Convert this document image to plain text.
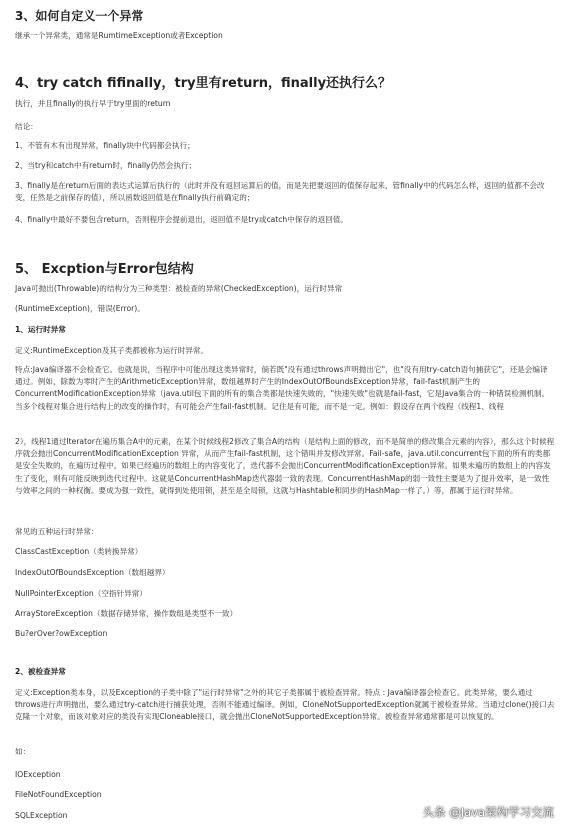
3、如何自定义一个异常
继承一个异常类，通常是RumtimeException或者Exception
4、try catch fifinally，try里有return，finally还执行么？
执行，并且finally的执行早于try里面的return
结论：
1、不管有木有出现异常，finally块中代码都会执行；
2、当try和catch中有return时，finally仍然会执行；
3、finally是在return后面的表达式运算后执行的（此时并没有返回运算后的值，而是先把要返回的值保存起来，管finally中的代码怎么样，返回的值都不会改变，任然是之前保存的值），所以函数返回值是在finally执行前确定的；
4、finally中最好不要包含return，否则程序会提前退出，返回值不是try或catch中保存的返回值。
5、 Excption与Error包结构
Java可抛出(Throwable)的结构分为三种类型：被检查的异常(CheckedException)，运行时异常
(RuntimeException)，错误(Error)。
1、运行时异常
定义:RuntimeException及其子类都被称为运行时异常。
特点:Java编译器不会检查它。也就是说，当程序中可能出现这类异常时，倘若既"没有通过throws声明抛出它"，也"没有用try-catch语句捕获它"，还是会编译通过。例如，除数为零时产生的ArithmeticException异常，数组越界时产生的IndexOutOfBoundsException异常，fail-fast机制产生的ConcurrentModiﬁcationException异常（java.util包下面的所有的集合类都是快速失败的，"快速失败"也就是fail-fast，它是Java集合的一种错误检测机制。当多个线程对集合进行结构上的改变的操作时，有可能会产生fail-fast机制。记住是有可能，而不是一定。例如：假设存在两个线程（线程1、线程
2），线程1通过Iterator在遍历集合A中的元素，在某个时候线程2修改了集合A的结构（是结构上面的修改，而不是简单的修改集合元素的内容），那么这个时候程序就会抛出ConcurrentModiﬁcationException 异常，从而产生fail-fast机制，这个错叫并发修改异常。Fail-safe，java.util.concurrent包下面的所有的类都是安全失败的，在遍历过程中，如果已经遍历的数组上的内容变化了，迭代器不会抛出ConcurrentModiﬁcationException异常。如果未遍历的数组上的内容发生了变化，则有可能反映到迭代过程中。这就是ConcurrentHashMap迭代器弱一致的表现。ConcurrentHashMap的弱一致性主要是为了提升效率，是一致性与效率之间的一种权衡。要成为强一致性，就得到处使用锁，甚至是全局锁，这就与Hashtable和同步的HashMap一样了。）等，都属于运行时异常。
常见的五种运行时异常：
ClassCastException（类转换异常）
IndexOutOfBoundsException（数组越界）
NullPointerException（空指针异常）
ArrayStoreException（数据存储异常，操作数组是类型不一致）
Bu?erOver?owException
2、被检查异常
定义:Exception类本身，以及Exception的子类中除了"运行时异常"之外的其它子类都属于被检查异常。特点 : Java编译器会检查它。此类异常，要么通过throws进行声明抛出，要么通过try-catch进行捕获处理，否则不能通过编译。例如，CloneNotSupportedException就属于被检查异常。当通过clone()接口去克隆一个对象，而该对象对应的类没有实现Cloneable接口，就会抛出CloneNotSupportedException异常。被检查异常通常都是可以恢复的。
如：
IOException
FileNotFoundException
SQLException	头条 @Java架构学习交流
